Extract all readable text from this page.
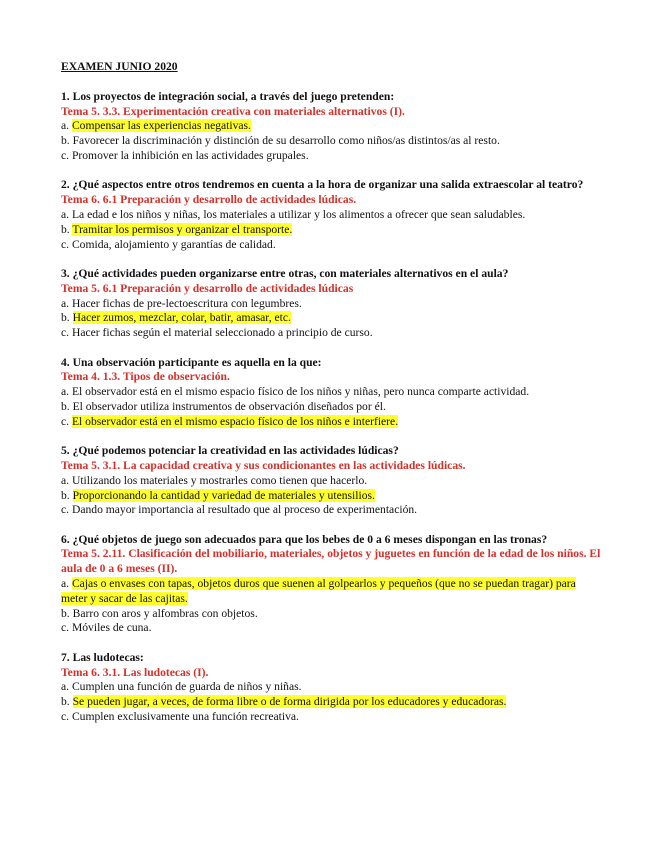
EXAMEN JUNIO 2020
1. Los proyectos de integración social, a través del juego pretenden:
Tema 5. 3.3. Experimentación creativa con materiales alternativos (I).
a. Compensar las experiencias negativas.
b. Favorecer la discriminación y distinción de su desarrollo como niños/as distintos/as al resto.
c. Promover la inhibición en las actividades grupales.
2. ¿Qué aspectos entre otros tendremos en cuenta a la hora de organizar una salida extraescolar al teatro?
Tema 6. 6.1 Preparación y desarrollo de actividades lúdicas.
a. La edad e los niños y niñas, los materiales a utilizar y los alimentos a ofrecer que sean saludables.
b. Tramitar los permisos y organizar el transporte.
c. Comida, alojamiento y garantías de calidad.
3. ¿Qué actividades pueden organizarse entre otras, con materiales alternativos en el aula?
Tema 5. 6.1 Preparación y desarrollo de actividades lúdicas
a. Hacer fichas de pre-lectoescritura con legumbres.
b. Hacer zumos, mezclar, colar, batir, amasar, etc.
c. Hacer fichas según el material seleccionado a principio de curso.
4. Una observación participante es aquella en la que:
Tema 4. 1.3. Tipos de observación.
a. El observador está en el mismo espacio físico de los niños y niñas, pero nunca comparte actividad.
b. El observador utiliza instrumentos de observación diseñados por él.
c. El observador está en el mismo espacio físico de los niños e interfiere.
5. ¿Qué podemos potenciar la creatividad en las actividades lúdicas?
Tema 5. 3.1. La capacidad creativa y sus condicionantes en las actividades lúdicas.
a. Utilizando los materiales y mostrarles como tienen que hacerlo.
b. Proporcionando la cantidad y variedad de materiales y utensilios.
c. Dando mayor importancia al resultado que al proceso de experimentación.
6. ¿Qué objetos de juego son adecuados para que los bebes de 0 a 6 meses dispongan en las tronas?
Tema 5. 2.11. Clasificación del mobiliario, materiales, objetos y juguetes en función de la edad de los niños. El aula de 0 a 6 meses (II).
a. Cajas o envases con tapas, objetos duros que suenen al golpearlos y pequeños (que no se puedan tragar) para meter y sacar de las cajitas.
b. Barro con aros y alfombras con objetos.
c. Móviles de cuna.
7. Las ludotecas:
Tema 6. 3.1. Las ludotecas (I).
a. Cumplen una función de guarda de niños y niñas.
b. Se pueden jugar, a veces, de forma libre o de forma dirigida por los educadores y educadoras.
c. Cumplen exclusivamente una función recreativa.
